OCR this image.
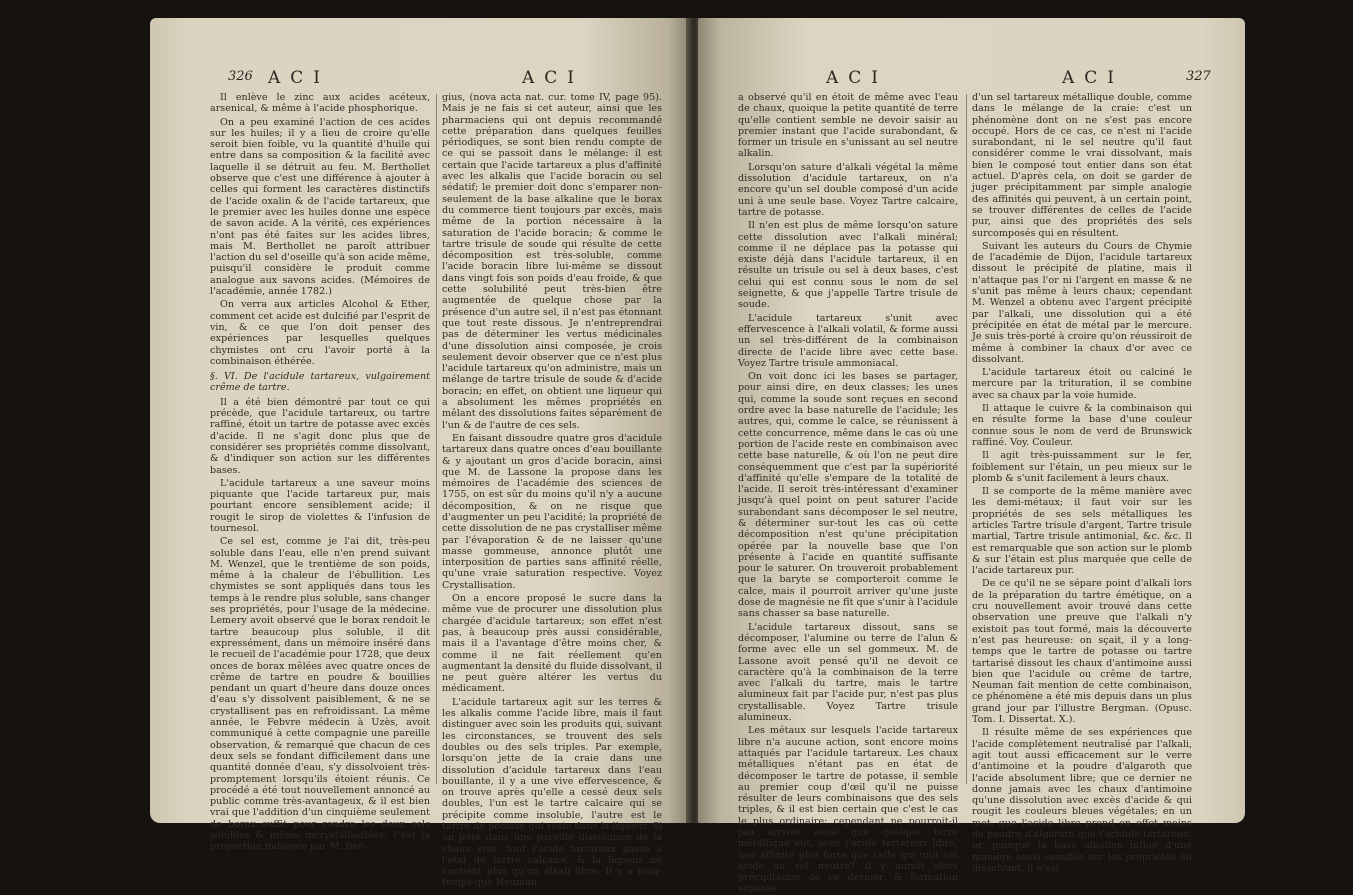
326 ACI	ACI

Il enlève le zinc aux acides acéteux, arsenical, & même à l'acide phosphorique.

On a peu examiné l'action de ces acides sur les huiles; il y a lieu de croire qu'elle seroit bien foible, vu la quantité d'huile qui entre dans sa composition & la facilité avec laquelle il se détruit au feu. M. Berthollet observe que c'est une différence à ajouter à celles qui forment les caractères distinctifs de l'acide oxalin & de l'acide tartareux, que le premier avec les huiles donne une espèce de savon acide. A la vérité, ces expériences n'ont pas été faites sur les acides libres, mais M. Berthollet ne paroît attribuer l'action du sel d'oseille qu'à son acide même, puisqu'il considère le produit comme analogue aux savons acides. (Mémoires de l'académie, année 1782.)

On verra aux articles Alcohol & Ether, comment cet acide est dulcifié par l'esprit de vin, & ce que l'on doit penser des expériences par lesquelles quelques chymistes ont cru l'avoir porté à la combinaison éthérée.

§. VI. De l'acidule tartareux, vulgairement crême de tartre.

Il a été bien démontré par tout ce qui précède, que l'acidule tartareux, ou tartre raffiné, étoit un tartre de potasse avec excès d'acide. Il ne s'agit donc plus que de considérer ses propriétés comme dissolvant, & d'indiquer son action sur les différentes bases.

L'acidule tartareux a une saveur moins piquante que l'acide tartareux pur, mais pourtant encore sensiblement acide; il rougit le sirop de violettes & l'infusion de tournesol.

Ce sel est, comme je l'ai dit, très-peu soluble dans l'eau, elle n'en prend suivant M. Wenzel, que le trentième de son poids, même à la chaleur de l'ébullition. Les chymistes se sont appliqués dans tous les temps à le rendre plus soluble, sans changer ses propriétés, pour l'usage de la médecine. Lemery avoit observé que le borax rendoit le tartre beaucoup plus soluble, il dit expressément, dans un mémoire inséré dans le recueil de l'académie pour 1728, que deux onces de borax mêlées avec quatre onces de crême de tartre en poudre & bouillies pendant un quart d'heure dans douze onces d'eau s'y dissolvent paisiblement, & ne se crystallisent pas en refroidissant. La même année, le Febvre médecin à Uzès, avoit communiqué à cette compagnie une pareille observation, & remarqué que chacun de ces deux sels se fondant difficilement dans une quantité donnée d'eau, s'y dissolvoient très-promptement lorsqu'ils étoient réunis. Ce procédé a été tout nouvellement annoncé au public comme très-avantageux, & il est bien vrai que l'addition d'un cinquième seulement de borax suffit pour rendre les deux sels solubles & même incrystallisables: c'est la proportion indiquée par M. Ber-

gius, (nova acta nat. cur. tome IV, page 95). Mais je ne fais si cet auteur, ainsi que les pharmaciens qui ont depuis recommandé cette préparation dans quelques feuilles périodiques, se sont bien rendu compte de ce qui se passoit dans le mélange: il est certain que l'acide tartareux a plus d'affinité avec les alkalis que l'acide boracin ou sel sédatif; le premier doit donc s'emparer non-seulement de la base alkaline que le borax du commerce tient toujours par excès, mais même de la portion nécessaire à la saturation de l'acide boracin; & comme le tartre trisule de soude qui résulte de cette décomposition est très-soluble, comme l'acide boracin libre lui-même se dissout dans vingt fois son poids d'eau froide, & que cette solubilité peut très-bien être augmentée de quelque chose par la présence d'un autre sel, il n'est pas étonnant que tout reste dissous. Je n'entreprendrai pas de déterminer les vertus médicinales d'une dissolution ainsi composée, je crois seulement devoir observer que ce n'est plus l'acidule tartareux qu'on administre, mais un mélange de tartre trisule de soude & d'acide boracin; en effet, on obtient une liqueur qui a absolument les mêmes propriétés en mêlant des dissolutions faites séparément de l'un & de l'autre de ces sels.

En faisant dissoudre quatre gros d'acidule tartareux dans quatre onces d'eau bouillante & y ajoutant un gros d'acide boracin, ainsi que M. de Lassone la propose dans les mémoires de l'académie des sciences de 1755, on est sûr du moins qu'il n'y a aucune décomposition, & on ne risque que d'augmenter un peu l'acidité; la propriété de cette dissolution de ne pas crystalliser même par l'évaporation & de ne laisser qu'une masse gommeuse, annonce plutôt une interposition de parties sans affinité réelle, qu'une vraie saturation respective. Voyez Crystallisation.

On a encore proposé le sucre dans la même vue de procurer une dissolution plus chargée d'acidule tartareux; son effet n'est pas, à beaucoup près aussi considérable, mais il a l'avantage d'être moins cher, & comme il ne fait réellement qu'en augmentant la densité du fluide dissolvant, il ne peut guère altérer les vertus du médicament.

L'acidule tartareux agit sur les terres & les alkalis comme l'acide libre, mais il faut distinguer avec soin les produits qui, suivant les circonstances, se trouvent des sels doubles ou des sels triples. Par exemple, lorsqu'on jette de la craie dans une dissolution d'acidule tartareux dans l'eau bouillante, il y a une vive effervescence, & on trouve après qu'elle a cessé deux sels doubles, l'un est le tartre calcaire qui se précipite comme insoluble, l'autre est le tartre de potasse qui reste dans la liqueur. Si on jette dans une pareille dissolution de la chaux vive, tout l'acide tartareux passe à l'état de tartre calcaire, & la liqueur ne contient plus qu'un alkali libre. Il y a long-temps que Neuman

ACI	ACI	327

a observé qu'il en étoit de même avec l'eau de chaux, quoique la petite quantité de terre qu'elle contient semble ne devoir saisir au premier instant que l'acide surabondant, & former un trisule en s'unissant au sel neutre alkalin.

Lorsqu'on sature d'alkali végétal la même dissolution d'acidule tartareux, on n'a encore qu'un sel double composé d'un acide uni à une seule base. Voyez Tartre calcaire, tartre de potasse.

Il n'en est plus de même lorsqu'on sature cette dissolution avec l'alkali minéral; comme il ne déplace pas la potasse qui existe déjà dans l'acidule tartareux, il en résulte un trisule ou sel à deux bases, c'est celui qui est connu sous le nom de sel seignette, & que j'appelle Tartre trisule de soude.

L'acidule tartareux s'unit avec effervescence à l'alkali volatil, & forme aussi un sel très-différent de la combinaison directe de l'acide libre avec cette base. Voyez Tartre trisule ammoniacal.

On voit donc ici les bases se partager, pour ainsi dire, en deux classes; les unes qui, comme la soude sont reçues en second ordre avec la base naturelle de l'acidule; les autres, qui, comme le calce, se réunissent à cette concurrence, même dans le cas où une portion de l'acide reste en combinaison avec cette base naturelle, & où l'on ne peut dire conséquemment que c'est par la supériorité d'affinité qu'elle s'empare de la totalité de l'acide. Il seroit très-intéressant d'examiner jusqu'à quel point on peut saturer l'acide surabondant sans décomposer le sel neutre, & déterminer sur-tout les cas où cette décomposition n'est qu'une précipitation opérée par la nouvelle base que l'on présente à l'acide en quantité suffisante pour le saturer. On trouveroit probablement que la baryte se comporteroit comme le calce, mais il pourroit arriver qu'une juste dose de magnésie ne fît que s'unir à l'acidule sans chasser sa base naturelle.

L'acidule tartareux dissout, sans se décomposer, l'alumine ou terre de l'alun & forme avec elle un sel gommeux. M. de Lassone avoit pensé qu'il ne devoit ce caractère qu'à la combinaison de la terre avec l'alkali du tartre, mais le tartre alumineux fait par l'acide pur, n'est pas plus crystallisable. Voyez Tartre trisule alumineux.

Les métaux sur lesquels l'acide tartareux libre n'a aucune action, sont encore moins attaqués par l'acidule tartareux. Les chaux métalliques n'étant pas en état de décomposer le tartre de potasse, il semble au premier coup d'œil qu'il ne puisse résulter de leurs combinaisons que des sels triples, & il est bien certain que c'est le cas le plus ordinaire; cependant ne pourroit-il pas arriver aussi que quelque terre métallique eut, avec l'acide tartareux libre, une affinité plus forte que celle qui unit cet acide au sel neutre? il y auroit alors précipitation de ce dernier, & formation séparée

d'un sel tartareux métallique double, comme dans le mélange de la craie: c'est un phénomène dont on ne s'est pas encore occupé. Hors de ce cas, ce n'est ni l'acide surabondant, ni le sel neutre qu'il faut considérer comme le vrai dissolvant, mais bien le composé tout entier dans son état actuel. D'après cela, on doit se garder de juger précipitamment par simple analogie des affinités qui peuvent, à un certain point, se trouver différentes de celles de l'acide pur, ainsi que des propriétés des sels surcomposés qui en résultent.

Suivant les auteurs du Cours de Chymie de l'académie de Dijon, l'acidule tartareux dissout le précipité de platine, mais il n'attaque pas l'or ni l'argent en masse & ne s'unit pas même à leurs chaux; cependant M. Wenzel a obtenu avec l'argent précipité par l'alkali, une dissolution qui a été précipitée en état de métal par le mercure. Je suis très-porté à croire qu'on réussiroit de même à combiner la chaux d'or avec ce dissolvant.

L'acidule tartareux étoit ou calciné le mercure par la trituration, il se combine avec sa chaux par la voie humide.

Il attaque le cuivre & la combinaison qui en résulte forme la base d'une couleur connue sous le nom de verd de Brunswick raffiné. Voy. Couleur.

Il agit très-puissamment sur le fer, foiblement sur l'étain, un peu mieux sur le plomb & s'unit facilement à leurs chaux.

Il se comporte de la même manière avec les demi-métaux; il faut voir sur les propriétés de ses sels métalliques les articles Tartre trisule d'argent, Tartre trisule martial, Tartre trisule antimonial, &c. &c. Il est remarquable que son action sur le plomb & sur l'étain est plus marquée que celle de l'acide tartareux pur.

De ce qu'il ne se sépare point d'alkali lors de la préparation du tartre émétique, on a cru nouvellement avoir trouvé dans cette observation une preuve que l'alkali n'y existoit pas tout formé, mais la découverte n'est pas heureuse: on sçait, il y a long-temps que le tartre de potasse ou tartre tartarisé dissout les chaux d'antimoine aussi bien que l'acidule ou crême de tartre, Neuman fait mention de cette combinaison, ce phénomène a été mis depuis dans un plus grand jour par l'illustre Bergman. (Opusc. Tom. I. Dissertat. X.).

Il résulte même de ses expériences que l'acide complètement neutralisé par l'alkali, agit tout aussi efficacement sur le verre d'antimoine et la poudre d'algaroth que l'acide absolument libre; que ce dernier ne donne jamais avec les chaux d'antimoine qu'une dissolution avec excès d'acide & qui rougit les couleurs bleues végétales; en un mot, que l'acide libre prend en effet moins de poudre d'algaroth que l'acidule tartareux: or, puisque la base alkaline influe d'une manière aussi sensible sur les propriétés du dissolvant, il n'est
